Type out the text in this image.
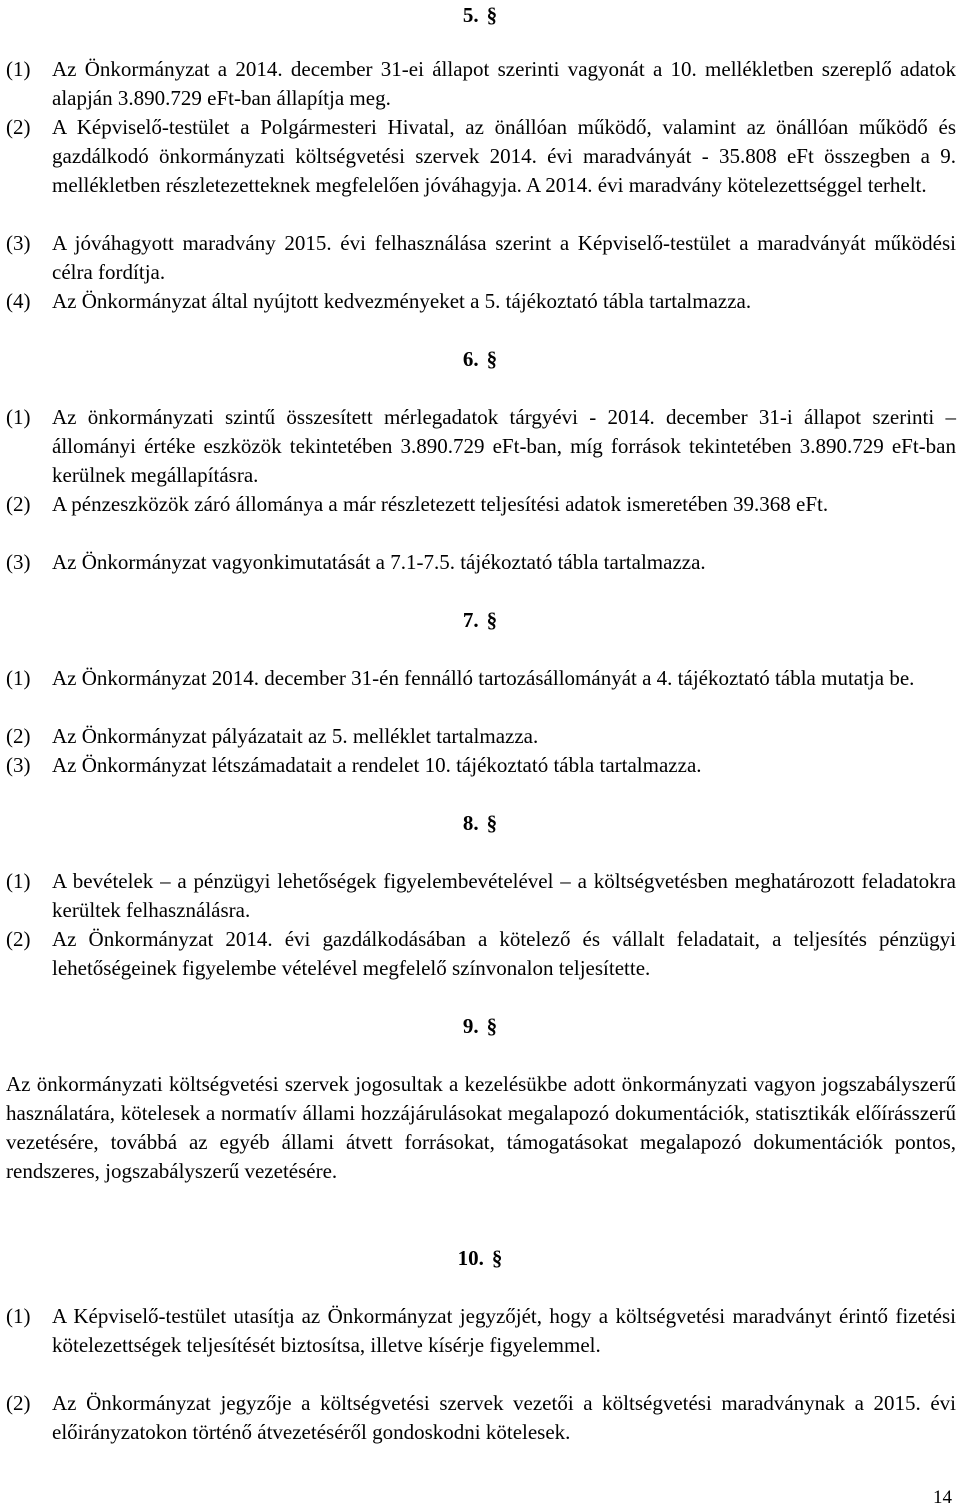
5. §
(1) Az Önkormányzat a 2014. december 31-ei állapot szerinti vagyonát a 10. mellékletben szereplő adatok alapján 3.890.729 eFt-ban állapítja meg.
(2) A Képviselő-testület a Polgármesteri Hivatal, az önállóan működő, valamint az önállóan működő és gazdálkodó önkormányzati költségvetési szervek 2014. évi maradványát - 35.808 eFt összegben a 9. mellékletben részletezetteknek megfelelően jóváhagyja. A 2014. évi maradvány kötelezettséggel terhelt.
(3) A jóváhagyott maradvány 2015. évi felhasználása szerint a Képviselő-testület a maradványát működési célra fordítja.
(4) Az Önkormányzat által nyújtott kedvezményeket a 5. tájékoztató tábla tartalmazza.
6. §
(1) Az önkormányzati szintű összesített mérlegadatok tárgyévi - 2014. december 31-i állapot szerinti – állományi értéke eszközök tekintetében 3.890.729 eFt-ban, míg források tekintetében 3.890.729 eFt-ban kerülnek megállapításra.
(2) A pénzeszközök záró állománya a már részletezett teljesítési adatok ismeretében 39.368 eFt.
(3) Az Önkormányzat vagyonkimutatását a 7.1-7.5. tájékoztató tábla tartalmazza.
7. §
(1) Az Önkormányzat 2014. december 31-én fennálló tartozásállományát a 4. tájékoztató tábla mutatja be.
(2) Az Önkormányzat pályázatait az 5. melléklet tartalmazza.
(3) Az Önkormányzat létszámadatait a rendelet 10. tájékoztató tábla tartalmazza.
8. §
(1) A bevételek – a pénzügyi lehetőségek figyelembevételével – a költségvetésben meghatározott feladatokra kerültek felhasználásra.
(2) Az Önkormányzat 2014. évi gazdálkodásában a kötelező és vállalt feladatait, a teljesítés pénzügyi lehetőségeinek figyelembe vételével megfelelő színvonalon teljesítette.
9. §
Az önkormányzati költségvetési szervek jogosultak a kezelésükbe adott önkormányzati vagyon jogszabályszerű használatára, kötelesek a normatív állami hozzájárulásokat megalapozó dokumentációk, statisztikák előírásszerű vezetésére, továbbá az egyéb állami átvett forrásokat, támogatásokat megalapozó dokumentációk pontos, rendszeres, jogszabályszerű vezetésére.
10. §
(1) A Képviselő-testület utasítja az Önkormányzat jegyzőjét, hogy a költségvetési maradványt érintő fizetési kötelezettségek teljesítését biztosítsa, illetve kísérje figyelemmel.
(2) Az Önkormányzat jegyzője a költségvetési szervek vezetői a költségvetési maradványnak a 2015. évi előirányzatokon történő átvezetéséről gondoskodni kötelesek.
14
